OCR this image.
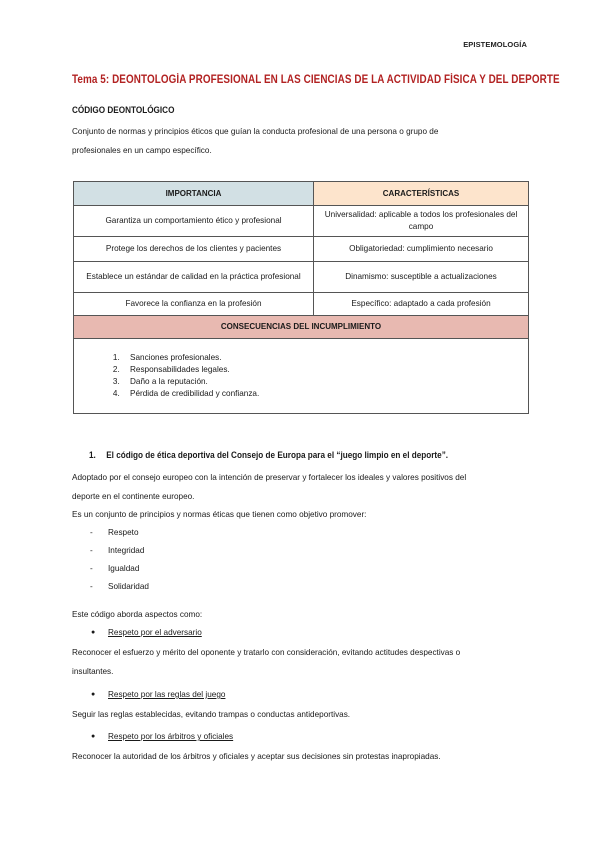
EPISTEMOLOGÍA
Tema 5: DEONTOLOGÍA PROFESIONAL EN LAS CIENCIAS DE LA ACTIVIDAD FÍSICA Y DEL DEPORTE
CÓDIGO DEONTOLÓGICO
Conjunto de normas y principios éticos que guían la conducta profesional de una persona o grupo de
profesionales en un campo específico.
IMPORTANCIA	CARACTERÍSTICAS
Garantiza un comportamiento ético y profesional	Universalidad: aplicable a todos los profesionales del campo
Protege los derechos de los clientes y pacientes	Obligatoriedad: cumplimiento necesario
Establece un estándar de calidad en la práctica profesional	Dinamismo: susceptible a actualizaciones
Favorece la confianza en la profesión	Específico: adaptado a cada profesión
CONSECUENCIAS DEL INCUMPLIMIENTO	

1. Sanciones profesionales.
2. Responsabilidades legales.
3. Daño a la reputación.
4. Pérdida de credibilidad y confianza.
1. El código de ética deportiva del Consejo de Europa para el “juego limpio en el deporte”.
Adoptado por el consejo europeo con la intención de preservar y fortalecer los ideales y valores positivos del
deporte en el continente europeo.
Es un conjunto de principios y normas éticas que tienen como objetivo promover:
- Respeto
- Integridad
- Igualdad
- Solidaridad
Este código aborda aspectos como:
● Respeto por el adversario
Reconocer el esfuerzo y mérito del oponente y tratarlo con consideración, evitando actitudes despectivas o
insultantes.
● Respeto por las reglas del juego
Seguir las reglas establecidas, evitando trampas o conductas antideportivas.
● Respeto por los árbitros y oficiales
Reconocer la autoridad de los árbitros y oficiales y aceptar sus decisiones sin protestas inapropiadas.
